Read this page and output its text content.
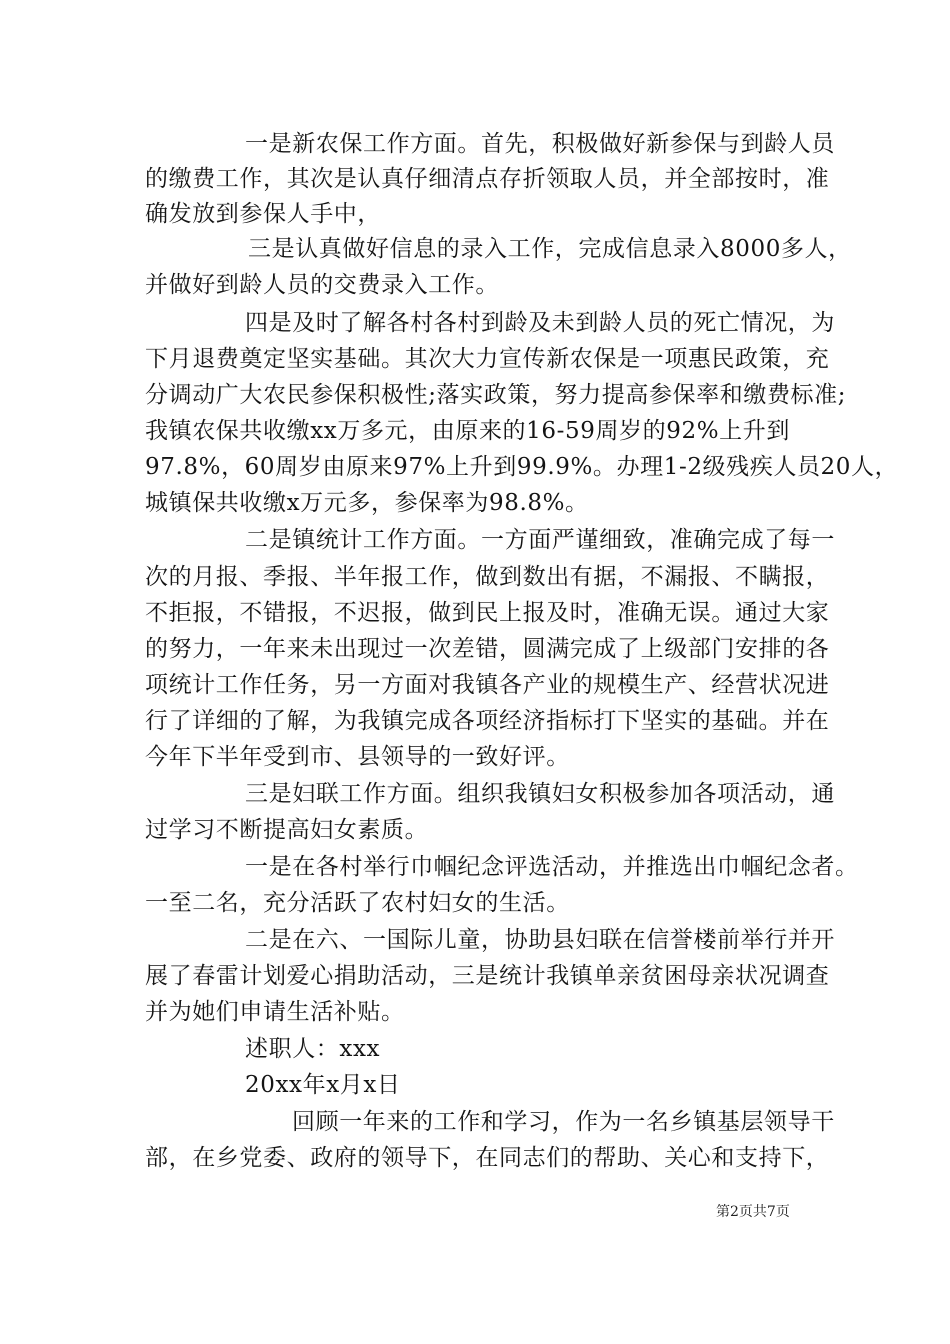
一是新农保工作方面。首先，积极做好新参保与到龄人员

的缴费工作，其次是认真仔细清点存折领取人员，并全部按时，准

确发放到参保人手中，

三是认真做好信息的录入工作，完成信息录入8000多人，

并做好到龄人员的交费录入工作。

四是及时了解各村各村到龄及未到龄人员的死亡情况，为

下月退费奠定坚实基础。其次大力宣传新农保是一项惠民政策，充

分调动广大农民参保积极性;落实政策，努力提高参保率和缴费标准;

我镇农保共收缴xx万多元，由原来的16-59周岁的92%上升到

97.8%，60周岁由原来97%上升到99.9%。办理1-2级残疾人员20人，

城镇保共收缴x万元多，参保率为98.8%。

二是镇统计工作方面。一方面严谨细致，准确完成了每一

次的月报、季报、半年报工作，做到数出有据，不漏报、不瞒报，

不拒报，不错报，不迟报，做到民上报及时，准确无误。通过大家

的努力，一年来未出现过一次差错，圆满完成了上级部门安排的各

项统计工作任务，另一方面对我镇各产业的规模生产、经营状况进

行了详细的了解，为我镇完成各项经济指标打下坚实的基础。并在

今年下半年受到市、县领导的一致好评。

三是妇联工作方面。组织我镇妇女积极参加各项活动，通

过学习不断提高妇女素质。

一是在各村举行巾帼纪念评选活动，并推选出巾帼纪念者。

一至二名，充分活跃了农村妇女的生活。

二是在六、一国际儿童，协助县妇联在信誉楼前举行并开

展了春雷计划爱心捐助活动，三是统计我镇单亲贫困母亲状况调查

并为她们申请生活补贴。

述职人：xxx

20xx年x月x日

回顾一年来的工作和学习，作为一名乡镇基层领导干

部，在乡党委、政府的领导下，在同志们的帮助、关心和支持下，

第2页共7页
